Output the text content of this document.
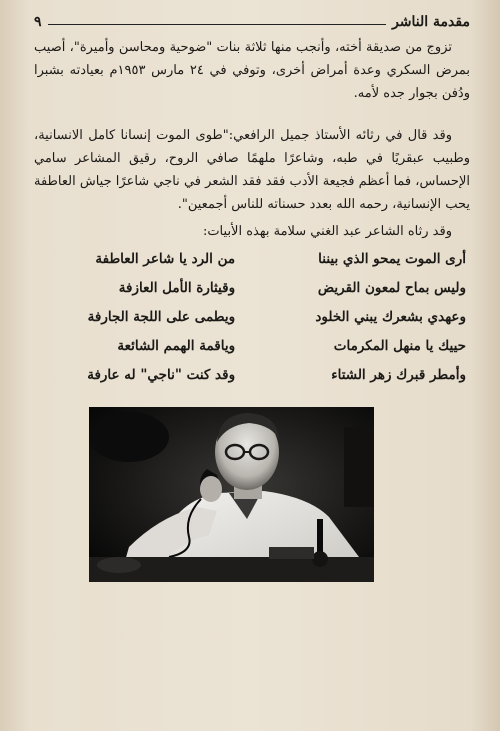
٩	مقدمة الناشر

تزوج من صديقة أخته، وأنجب منها ثلاثة بنات "ضوحية ومحاسن وأميرة"، أصيب بمرض السكري وعدة أمراض أخرى، وتوفي في ٢٤ مارس ١٩٥٣م بعيادته بشبرا ودُفن بجوار جده لأمه.

وقد قال في رثائه الأستاذ جميل الرافعي:"طوى الموت إنسانا كامل الانسانية، وطبيب عبقريًا في طبه، وشاعرًا ملهمًا صافي الروح، رقيق المشاعر سامي الإحساس، فما أعظم فجيعة الأدب فقد فقد الشعر في ناجي شاعرًا جياش العاطفة يحب الإنسانية، رحمه الله بعدد حسناته للناس أجمعين".

وقد رثاه الشاعر عبد الغني سلامة بهذه الأبيات:

أرى الموت يمحو الذي بيننا
من الرد يا شاعر العاطفة
وليس بماح لمعون القريض
وقيثارة الأمل العازفة
وعهدي بشعرك يبني الخلود
ويطمى على اللجة الجارفة
حييك يا منهل المكرمات
وياقمة الهمم الشائعة
وأمطر قبرك زهر الشتاء
وقد كنت "ناجي" له عارفة
